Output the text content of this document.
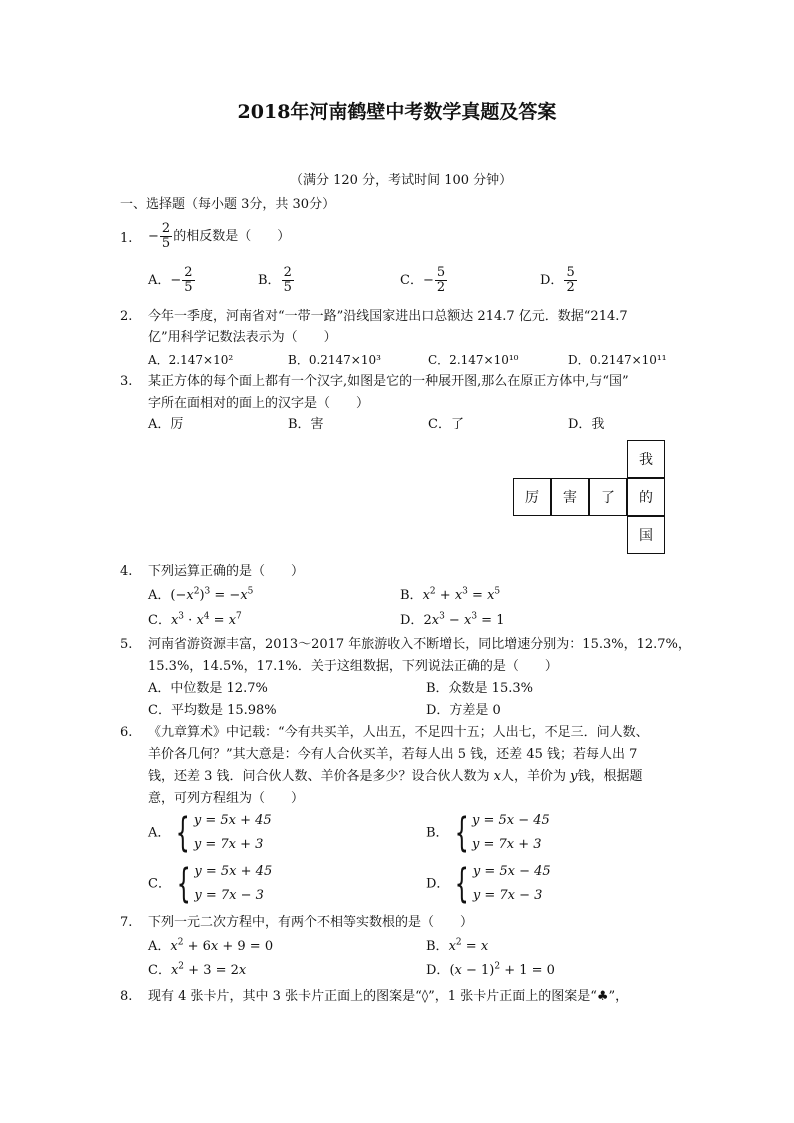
2018年河南鹤壁中考数学真题及答案
（满分 120 分，考试时间 100 分钟）
一、选择题（每小题 3分，共 30分）
1. − $\frac{2}{5}$ 的相反数是（　　）
A．− $\frac{2}{5}$	B． $\frac{2}{5}$	C．− $\frac{5}{2}$	D． $\frac{5}{2}$
2. 今年一季度，河南省对“一带一路”沿线国家进出口总额达 214.7 亿元．数据“214.7
亿”用科学记数法表示为（　　）
A．2.147×10²	B．0.2147×10³	C．2.147×10¹⁰	D．0.2147×10¹¹
3. 某正方体的每个面上都有一个汉字,如图是它的一种展开图,那么在原正方体中,与“国”
字所在面相对的面上的汉字是（　　）
A．厉	B．害	C．了	D．我
我
厉	害	了	的
国
4. 下列运算正确的是（　　）
A．$(-x^2)^3 = -x^5$	B．$x^2 + x^3 = x^5$
C．$x^3 \cdot x^4 = x^7$	D．$2x^3 - x^3 = 1$
5. 河南省游资源丰富，2013～2017 年旅游收入不断增长，同比增速分别为：15.3%，12.7%，
15.3%，14.5%，17.1%．关于这组数据，下列说法正确的是（　　）
A．中位数是 12.7%	B．众数是 15.3%
C．平均数是 15.98%	D．方差是 0
6. 《九章算术》中记载：“今有共买羊，人出五，不足四十五；人出七，不足三．问人数、
羊价各几何？”其大意是：今有人合伙买羊，若每人出 5 钱，还差 45 钱；若每人出 7
钱，还差 3 钱．问合伙人数、羊价各是多少？设合伙人数为 x人，羊价为 y钱，根据题
意，可列方程组为（　　）
A． { y = 5x + 45
y = 7x + 3
B． { y = 5x − 45
y = 7x + 3
C． { y = 5x + 45
y = 7x − 3
D． { y = 5x − 45
y = 7x − 3
7. 下列一元二次方程中，有两个不相等实数根的是（　　）
A．$x^2 + 6x + 9 = 0$	B．$x^2 = x$
C．$x^2 + 3 = 2x$	D．$(x - 1)^2 + 1 = 0$
8. 现有 4 张卡片，其中 3 张卡片正面上的图案是“◊”，1 张卡片正面上的图案是“♣”，
